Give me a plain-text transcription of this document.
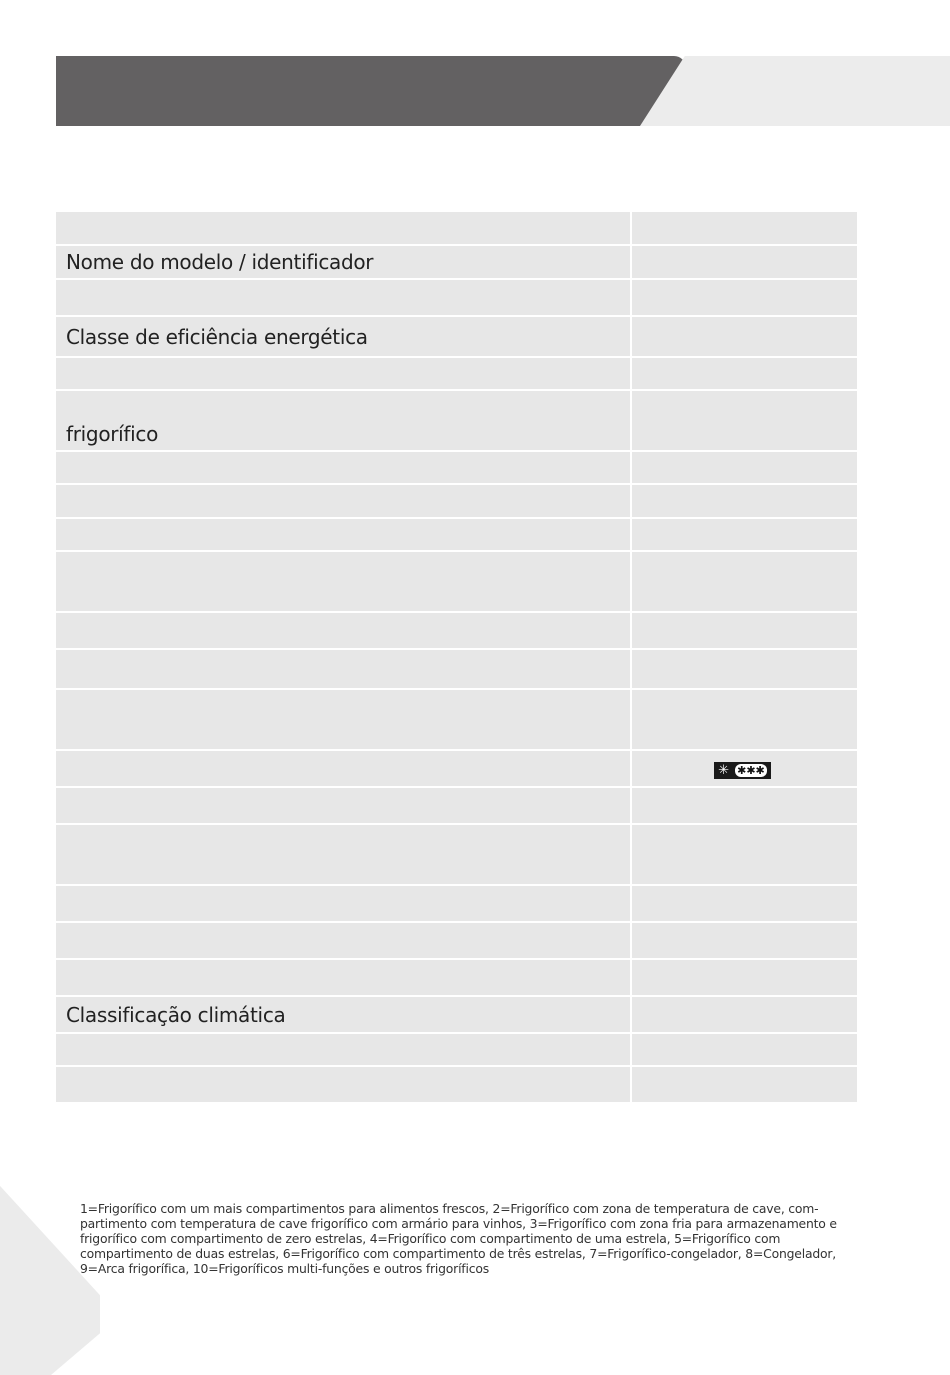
Nome do modelo / identificador	

Classe de eficiência energética	

frigorífico	

	✳ ✱✱✱

Classificação climática	

1=Frigorífico com um mais compartimentos para alimentos frescos, 2=Frigorífico com zona de temperatura de cave, com-partimento com temperatura de cave frigorífico com armário para vinhos, 3=Frigorífico com zona fria para armazenamento e frigorífico com compartimento de zero estrelas, 4=Frigorífico com compartimento de uma estrela, 5=Frigorífico com compartimento de duas estrelas, 6=Frigorífico com compartimento de três estrelas, 7=Frigorífico-congelador, 8=Congelador, 9=Arca frigorífica, 10=Frigoríficos multi-funções e outros frigoríficos
